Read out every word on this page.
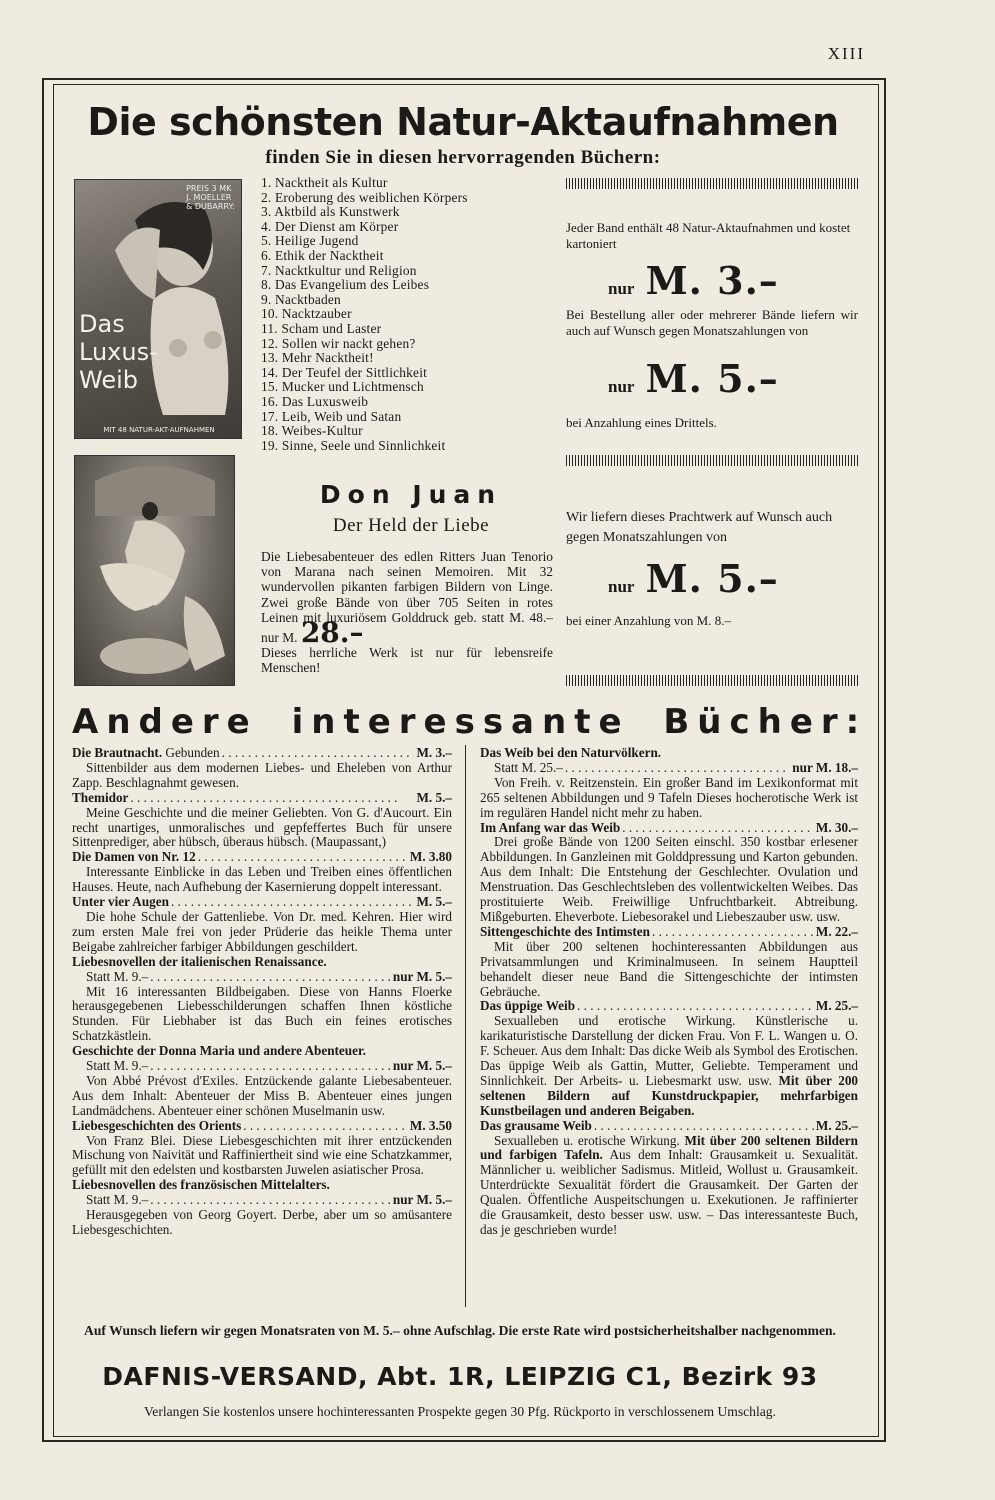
XIII
Die schönsten Natur-Aktaufnahmen
finden Sie in diesen hervorragenden Büchern:
PREIS 3 MK
J. MOELLER
& DUBARRY:
Das
Luxus-
Weib
MIT 48 NATUR-AKT-AUFNAHMEN
1. Nacktheit als Kultur
2. Eroberung des weiblichen Körpers
3. Aktbild als Kunstwerk
4. Der Dienst am Körper
5. Heilige Jugend
6. Ethik der Nacktheit
7. Nacktkultur und Religion
8. Das Evangelium des Leibes
9. Nacktbaden
10. Nacktzauber
11. Scham und Laster
12. Sollen wir nackt gehen?
13. Mehr Nacktheit!
14. Der Teufel der Sittlichkeit
15. Mucker und Lichtmensch
16. Das Luxusweib
17. Leib, Weib und Satan
18. Weibes-Kultur
19. Sinne, Seele und Sinnlichkeit
Jeder Band enthält 48 Natur-Aktaufnahmen und kostet kartoniert
nur M. 3.–
Bei Bestellung aller oder mehrerer Bände liefern wir auch auf Wunsch gegen Monatszahlungen von
nur M. 5.–
bei Anzahlung eines Drittels.
Don Juan
Der Held der Liebe
Die Liebesabenteuer des edlen Ritters Juan Tenorio von Marana nach seinen Memoiren. Mit 32 wundervollen pikanten farbigen Bildern von Linge. Zwei große Bände von über 705 Seiten in rotes Leinen mit luxuriösem Golddruck geb. statt M. 48.– nur M. 28.–
Dieses herrliche Werk ist nur für lebensreife Menschen!
Wir liefern dieses Prachtwerk auf Wunsch auch gegen Monatszahlungen von
nur M. 5.–
bei einer Anzahlung von M. 8.–
Andere interessante Bücher:
Die Brautnacht.
Gebunden . . .	M. 3.–
Sittenbilder aus dem modernen Liebes- und Eheleben von Arthur Zapp. Beschlagnahmt gewesen.
Themidor . . .	M. 5.–
Meine Geschichte und die meiner Geliebten. Von G. d'Aucourt. Ein recht unartiges, unmoralisches und gepfeffertes Buch für unsere Sittenprediger, aber hübsch, überaus hübsch. (Maupassant,)
Die Damen von Nr. 12 . . .	M. 3.80
Interessante Einblicke in das Leben und Treiben eines öffentlichen Hauses. Heute, nach Aufhebung der Kasernierung doppelt interessant.
Unter vier Augen . . .	M. 5.–
Die hohe Schule der Gattenliebe. Von Dr. med. Kehren. Hier wird zum ersten Male frei von jeder Prüderie das heikle Thema unter Beigabe zahlreicher farbiger Abbildungen geschildert.
Liebesnovellen der italienischen Renaissance.
Statt M. 9.– . . .	nur M. 5.–
Mit 16 interessanten Bildbeigaben. Diese von Hanns Floerke herausgegebenen Liebesschilderungen schaffen Ihnen köstliche Stunden. Für Liebhaber ist das Buch ein feines erotisches Schatzkästlein.
Geschichte der Donna Maria und andere Abenteuer.
Statt M. 9.– . . .	nur M. 5.–
Von Abbé Prévost d'Exiles. Entzückende galante Liebesabenteuer. Aus dem Inhalt: Abenteuer der Miss B. Abenteuer eines jungen Landmädchens. Abenteuer einer schönen Muselmanin usw.
Liebesgeschichten des Orients . . .	M. 3.50
Von Franz Blei. Diese Liebesgeschichten mit ihrer entzückenden Mischung von Naivität und Raffiniertheit sind wie eine Schatzkammer, gefüllt mit den edelsten und kostbarsten Juwelen asiatischer Prosa.
Liebesnovellen des französischen Mittelalters.
Statt M. 9.– . . .	nur M. 5.–
Herausgegeben von Georg Goyert. Derbe, aber um so amüsantere Liebesgeschichten.
Das Weib bei den Naturvölkern.
Statt M. 25.– . . .	nur M. 18.–
Von Freih. v. Reitzenstein. Ein großer Band im Lexikonformat mit 265 seltenen Abbildungen und 9 Tafeln Dieses hocherotische Werk ist im regulären Handel nicht mehr zu haben.
Im Anfang war das Weib . . .	M. 30.–
Drei große Bände von 1200 Seiten einschl. 350 kostbar erlesener Abbildungen. In Ganzleinen mit Golddpressung und Karton gebunden. Aus dem Inhalt: Die Entstehung der Geschlechter. Ovulation und Menstruation. Das Geschlechtsleben des vollentwickelten Weibes. Das prostituierte Weib. Freiwillige Unfruchtbarkeit. Abtreibung. Mißgeburten. Eheverbote. Liebesorakel und Liebeszauber usw. usw.
Sittengeschichte des Intimsten . . .	M. 22.–
Mit über 200 seltenen hochinteressanten Abbildungen aus Privatsammlungen und Kriminalmuseen. In seinem Hauptteil behandelt dieser neue Band die Sittengeschichte der intimsten Gebräuche.
Das üppige Weib . . .	M. 25.–
Sexualleben und erotische Wirkung. Künstlerische u. karikaturistische Darstellung der dicken Frau. Von F. L. Wangen u. O. F. Scheuer. Aus dem Inhalt: Das dicke Weib als Symbol des Erotischen. Das üppige Weib als Gattin, Mutter, Geliebte. Temperament und Sinnlichkeit. Der Arbeits- u. Liebesmarkt usw. usw. Mit über 200 seltenen Bildern auf Kunstdruckpapier, mehrfarbigen Kunstbeilagen und anderen Beigaben.
Das grausame Weib . . .	M. 25.–
Sexualleben u. erotische Wirkung. Mit über 200 seltenen Bildern und farbigen Tafeln. Aus dem Inhalt: Grausamkeit u. Sexualität. Männlicher u. weiblicher Sadismus. Mitleid, Wollust u. Grausamkeit. Unterdrückte Sexualität fördert die Grausamkeit. Der Garten der Qualen. Öffentliche Auspeitschungen u. Exekutionen. Je raffinierter die Grausamkeit, desto besser usw. usw. – Das interessanteste Buch, das je geschrieben wurde!
Auf Wunsch liefern wir gegen Monatsraten von M. 5.– ohne Aufschlag. Die erste Rate wird postsicherheitshalber nachgenommen.
DAFNIS-VERSAND, Abt. 1R, LEIPZIG C1, Bezirk 93
Verlangen Sie kostenlos unsere hochinteressanten Prospekte gegen 30 Pfg. Rückporto in verschlossenem Umschlag.
